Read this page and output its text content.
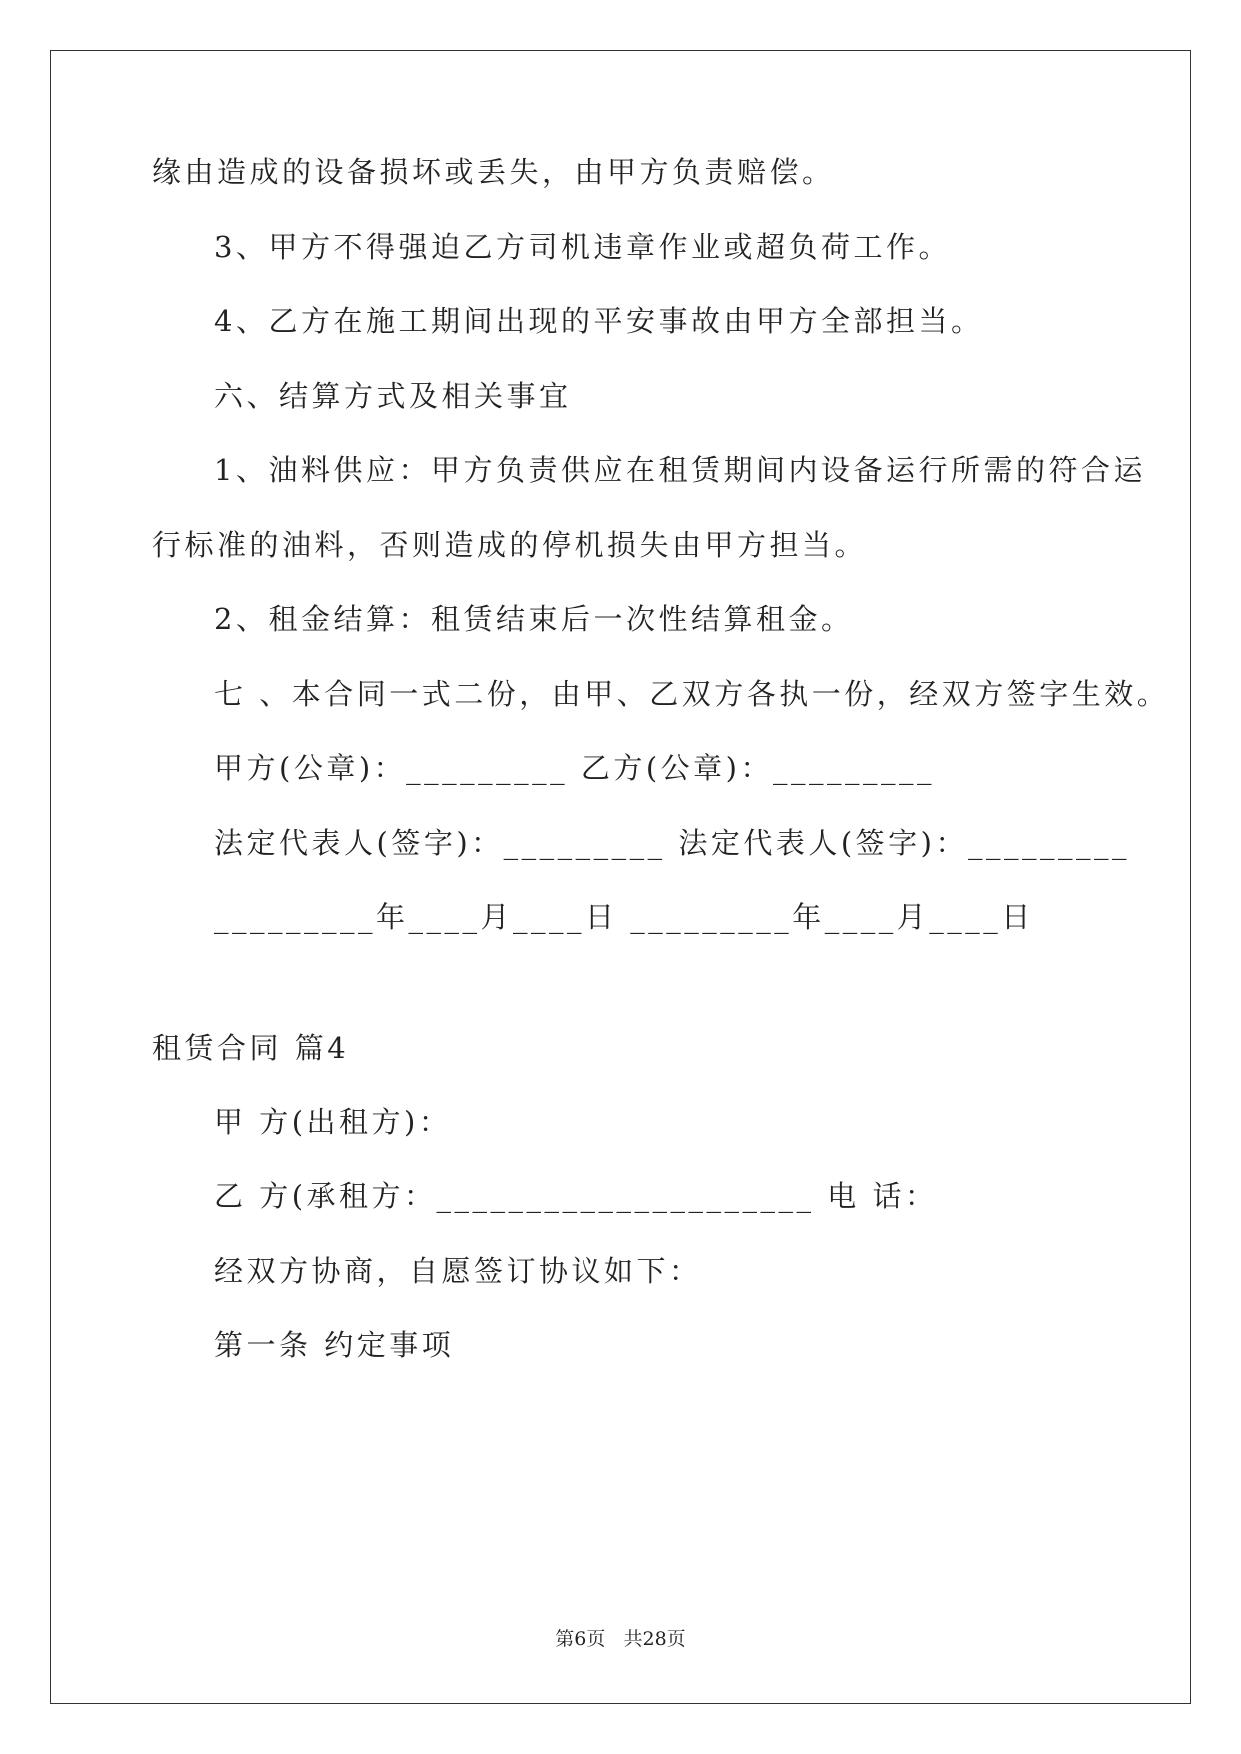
缘由造成的设备损坏或丢失，由甲方负责赔偿。
3、甲方不得强迫乙方司机违章作业或超负荷工作。
4、乙方在施工期间出现的平安事故由甲方全部担当。
六、结算方式及相关事宜
1、油料供应：甲方负责供应在租赁期间内设备运行所需的符合运
行标准的油料，否则造成的停机损失由甲方担当。
2、租金结算：租赁结束后一次性结算租金。
七 、本合同一式二份，由甲、乙双方各执一份，经双方签字生效。
甲方(公章)：_________ 乙方(公章)：_________
法定代表人(签字)：_________ 法定代表人(签字)：_________
_________年____月____日 _________年____月____日
租赁合同 篇4
甲 方(出租方)：
乙 方(承租方：_____________________ 电 话：
经双方协商，自愿签订协议如下：
第一条 约定事项
第6页   共28页
